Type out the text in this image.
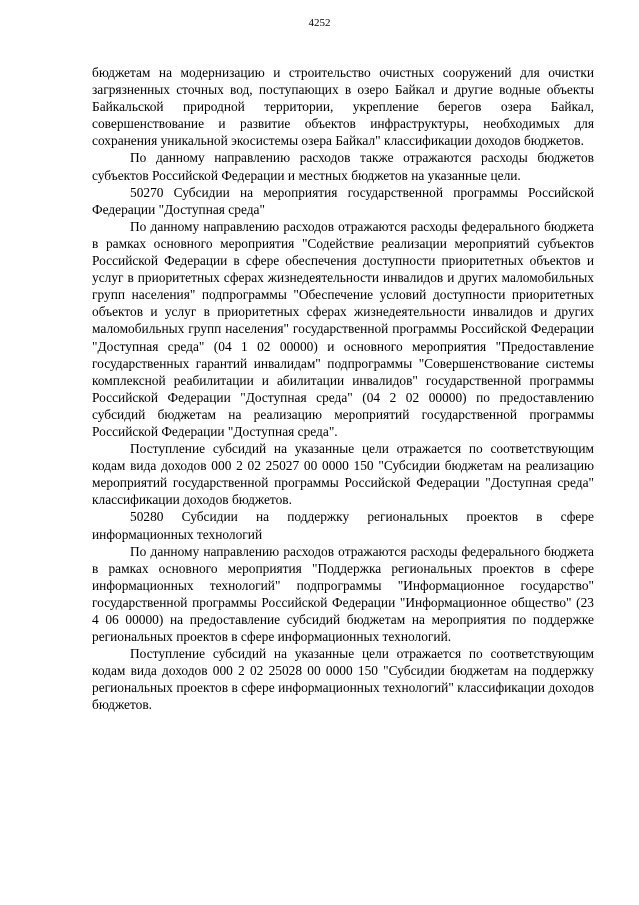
4252

бюджетам на модернизацию и строительство очистных сооружений для очистки загрязненных сточных вод, поступающих в озеро Байкал и другие водные объекты Байкальской природной территории, укрепление берегов озера Байкал, совершенствование и развитие объектов инфраструктуры, необходимых для сохранения уникальной экосистемы озера Байкал" классификации доходов бюджетов.

По данному направлению расходов также отражаются расходы бюджетов субъектов Российской Федерации и местных бюджетов на указанные цели.

50270 Субсидии на мероприятия государственной программы Российской Федерации "Доступная среда"

По данному направлению расходов отражаются расходы федерального бюджета в рамках основного мероприятия "Содействие реализации мероприятий субъектов Российской Федерации в сфере обеспечения доступности приоритетных объектов и услуг в приоритетных сферах жизнедеятельности инвалидов и других маломобильных групп населения" подпрограммы "Обеспечение условий доступности приоритетных объектов и услуг в приоритетных сферах жизнедеятельности инвалидов и других маломобильных групп населения" государственной программы Российской Федерации "Доступная среда" (04 1 02 00000) и основного мероприятия "Предоставление государственных гарантий инвалидам" подпрограммы "Совершенствование системы комплексной реабилитации и абилитации инвалидов" государственной программы Российской Федерации "Доступная среда" (04 2 02 00000) по предоставлению субсидий бюджетам на реализацию мероприятий государственной программы Российской Федерации "Доступная среда".

Поступление субсидий на указанные цели отражается по соответствующим кодам вида доходов 000 2 02 25027 00 0000 150 "Субсидии бюджетам на реализацию мероприятий государственной программы Российской Федерации "Доступная среда" классификации доходов бюджетов.

50280 Субсидии на поддержку региональных проектов в сфере информационных технологий

По данному направлению расходов отражаются расходы федерального бюджета в рамках основного мероприятия "Поддержка региональных проектов в сфере информационных технологий" подпрограммы "Информационное государство" государственной программы Российской Федерации "Информационное общество" (23 4 06 00000) на предоставление субсидий бюджетам на мероприятия по поддержке региональных проектов в сфере информационных технологий.

Поступление субсидий на указанные цели отражается по соответствующим кодам вида доходов 000 2 02 25028 00 0000 150 "Субсидии бюджетам на поддержку региональных проектов в сфере информационных технологий" классификации доходов бюджетов.
